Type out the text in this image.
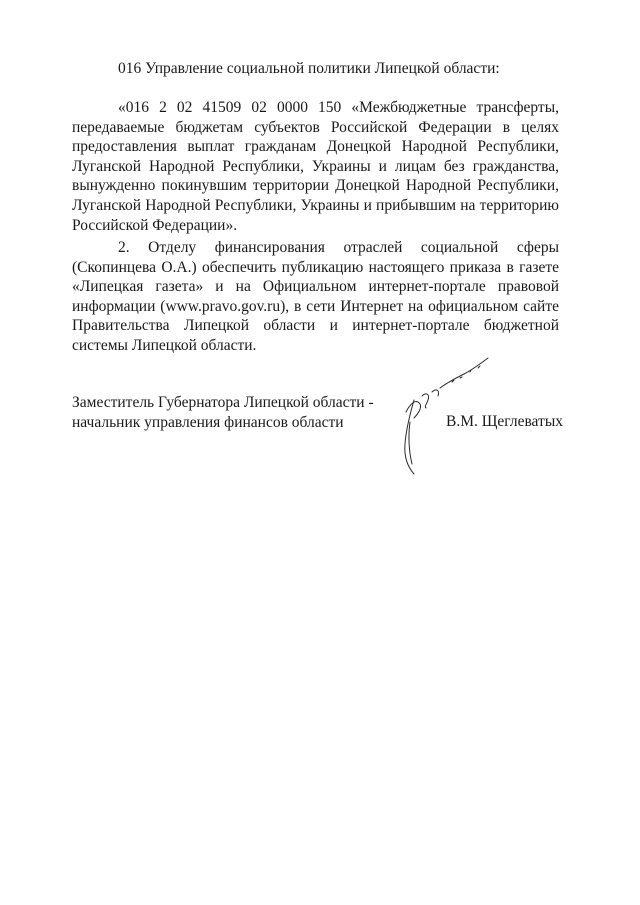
016 Управление социальной политики Липецкой области:
«016 2 02 41509 02 0000 150 «Межбюджетные трансферты, передаваемые бюджетам субъектов Российской Федерации в целях предоставления выплат гражданам Донецкой Народной Республики, Луганской Народной Республики, Украины и лицам без гражданства, вынужденно покинувшим территории Донецкой Народной Республики, Луганской Народной Республики, Украины и прибывшим на территорию Российской Федерации».
2. Отделу финансирования отраслей социальной сферы (Скопинцева О.А.) обеспечить публикацию настоящего приказа в газете «Липецкая газета» и на Официальном интернет-портале правовой информации (www.pravo.gov.ru), в сети Интернет на официальном сайте Правительства Липецкой области и интернет-портале бюджетной системы Липецкой области.
Заместитель Губернатора Липецкой области -
начальник управления финансов области	В.М. Щеглеватых
